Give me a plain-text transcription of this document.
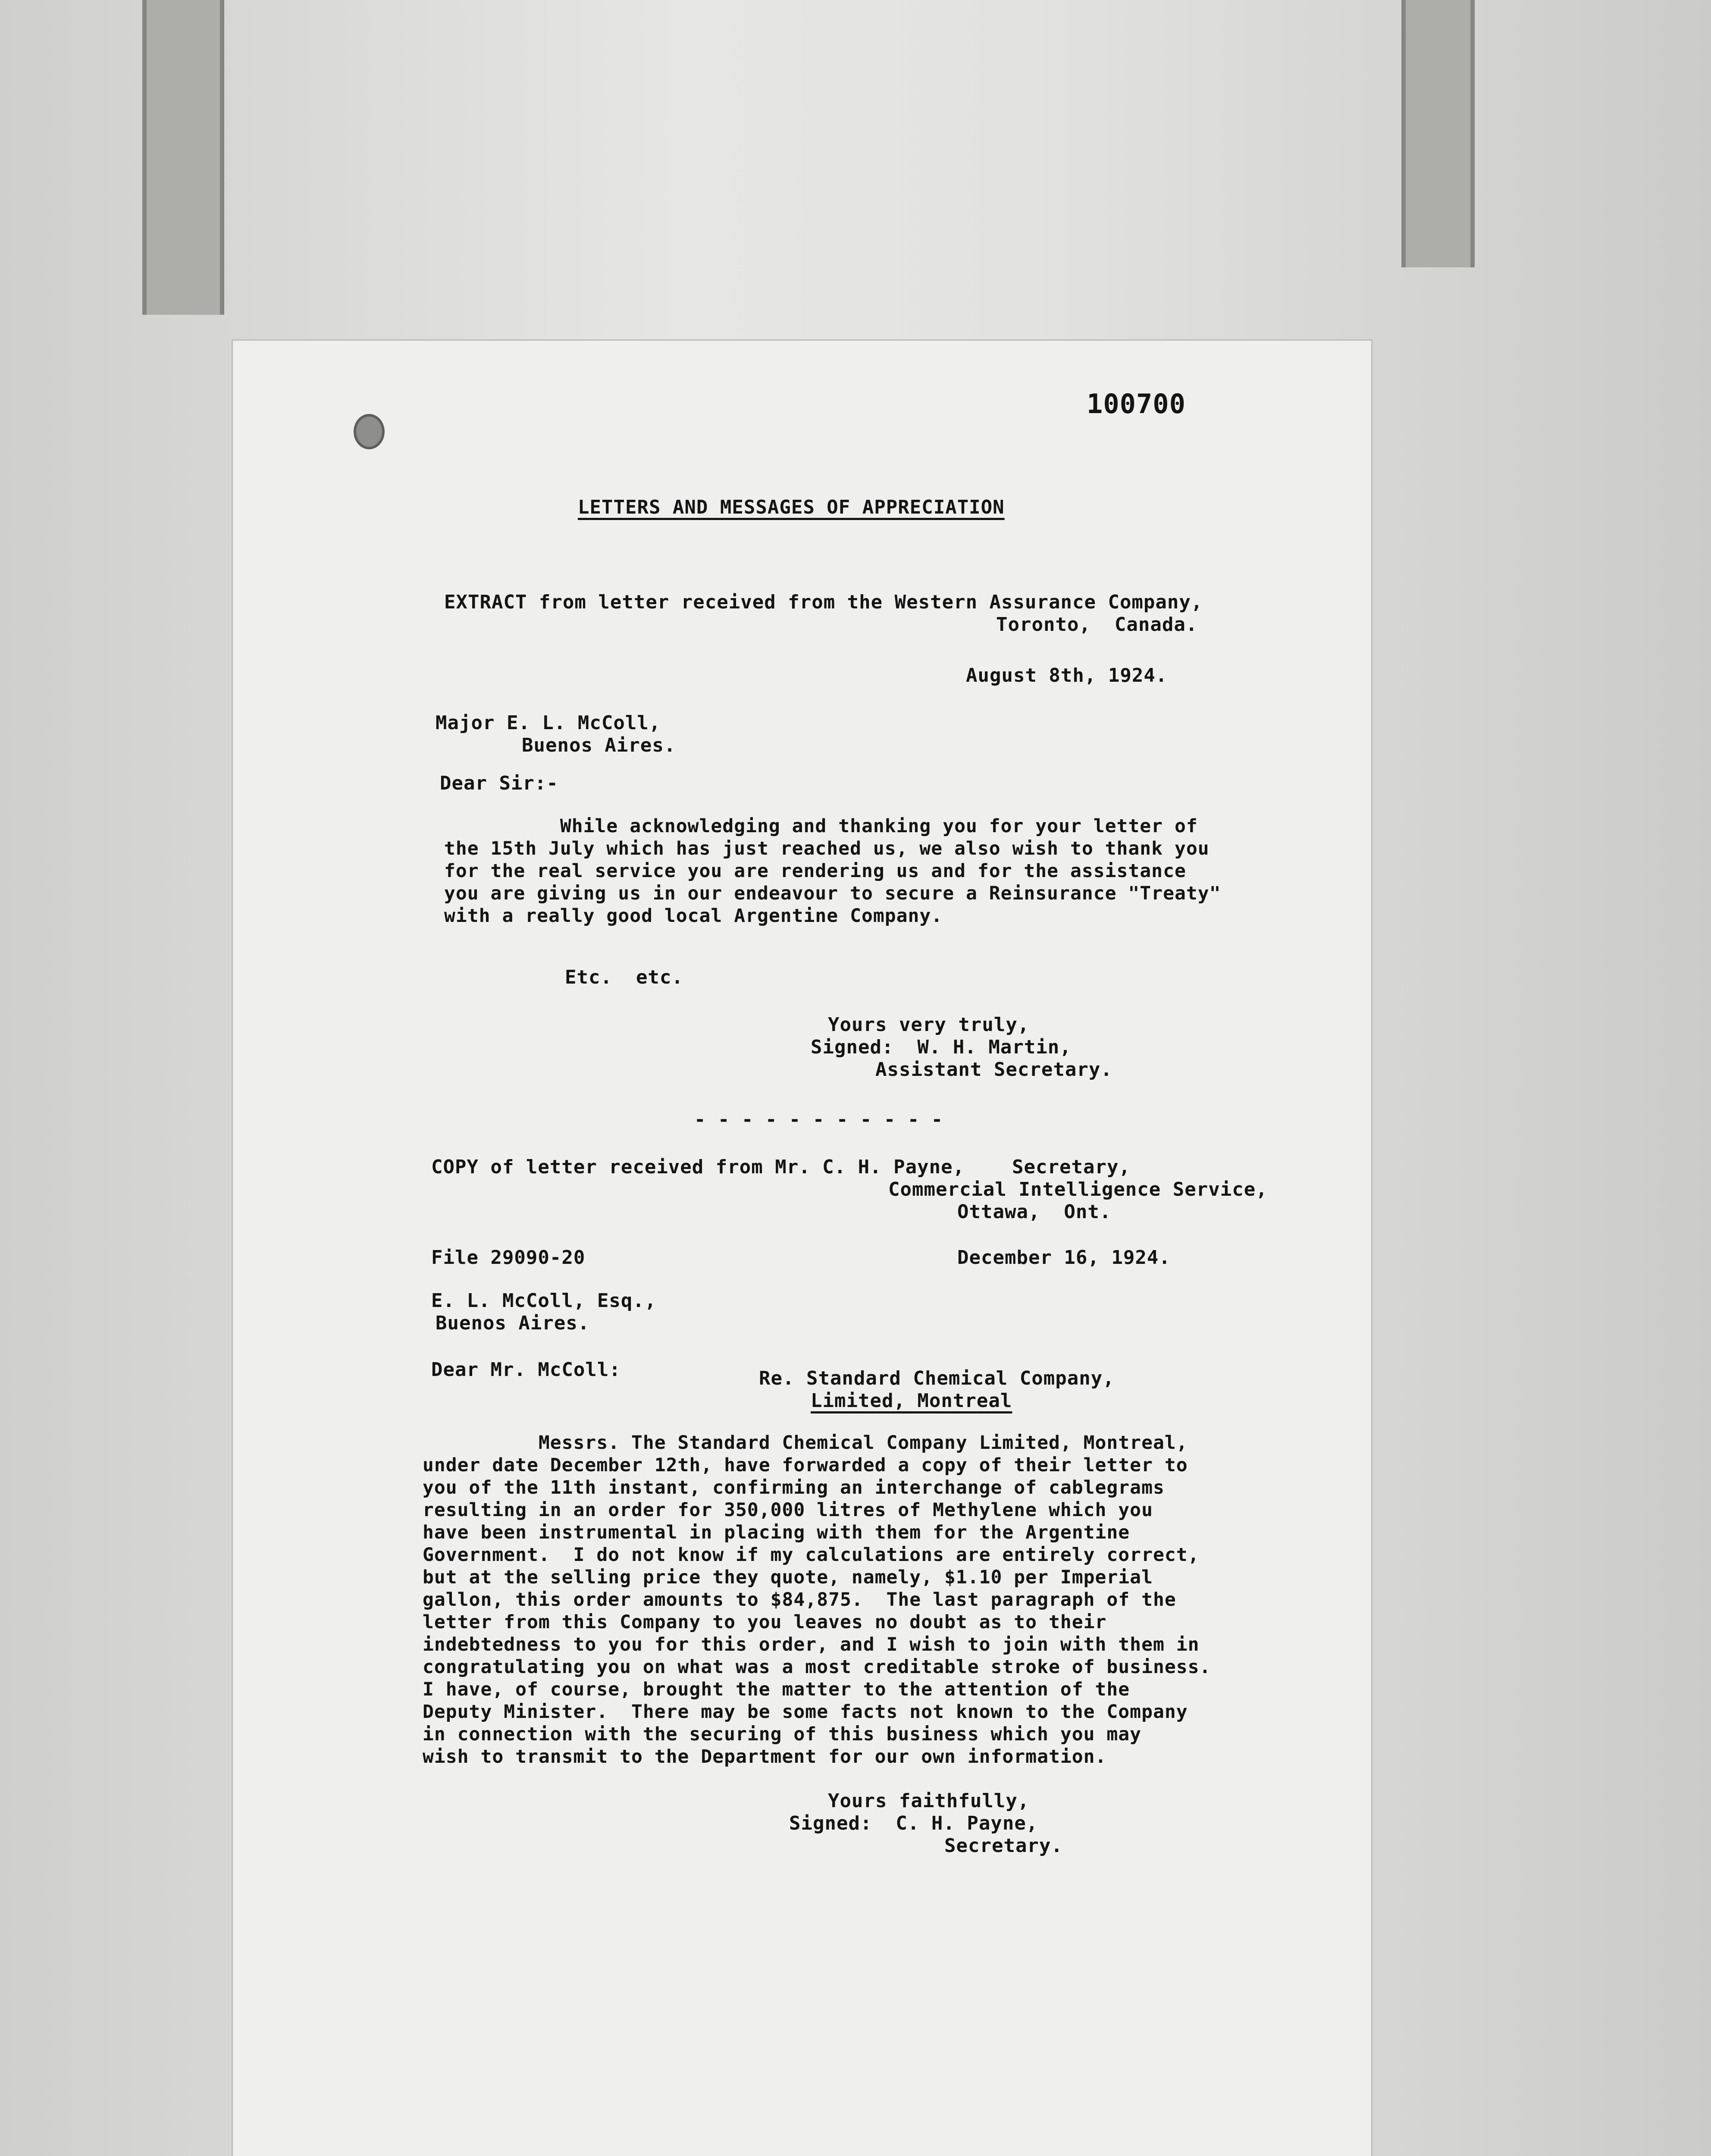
100700
LETTERS AND MESSAGES OF APPRECIATION
EXTRACT from letter received from the Western Assurance Company,
Toronto,  Canada.
August 8th, 1924.
Major E. L. McColl,
Buenos Aires.
Dear Sir:-
While acknowledging and thanking you for your letter of
the 15th July which has just reached us, we also wish to thank you
for the real service you are rendering us and for the assistance
you are giving us in our endeavour to secure a Reinsurance "Treaty"
with a really good local Argentine Company.
Etc.  etc.
Yours very truly,
Signed:  W. H. Martin,
Assistant Secretary.
- - - - - - - - - - -
COPY of letter received from Mr. C. H. Payne,    Secretary,
Commercial Intelligence Service,
Ottawa,  Ont.
File 29090-20	December 16, 1924.
E. L. McColl, Esq.,
Buenos Aires.
Dear Mr. McColl:	Re. Standard Chemical Company,
Limited, Montreal
Messrs. The Standard Chemical Company Limited, Montreal,
under date December 12th, have forwarded a copy of their letter to
you of the 11th instant, confirming an interchange of cablegrams
resulting in an order for 350,000 litres of Methylene which you
have been instrumental in placing with them for the Argentine
Government.  I do not know if my calculations are entirely correct,
but at the selling price they quote, namely, $1.10 per Imperial
gallon, this order amounts to $84,875.  The last paragraph of the
letter from this Company to you leaves no doubt as to their
indebtedness to you for this order, and I wish to join with them in
congratulating you on what was a most creditable stroke of business.
I have, of course, brought the matter to the attention of the
Deputy Minister.  There may be some facts not known to the Company
in connection with the securing of this business which you may
wish to transmit to the Department for our own information.
Yours faithfully,
Signed:  C. H. Payne,
Secretary.
